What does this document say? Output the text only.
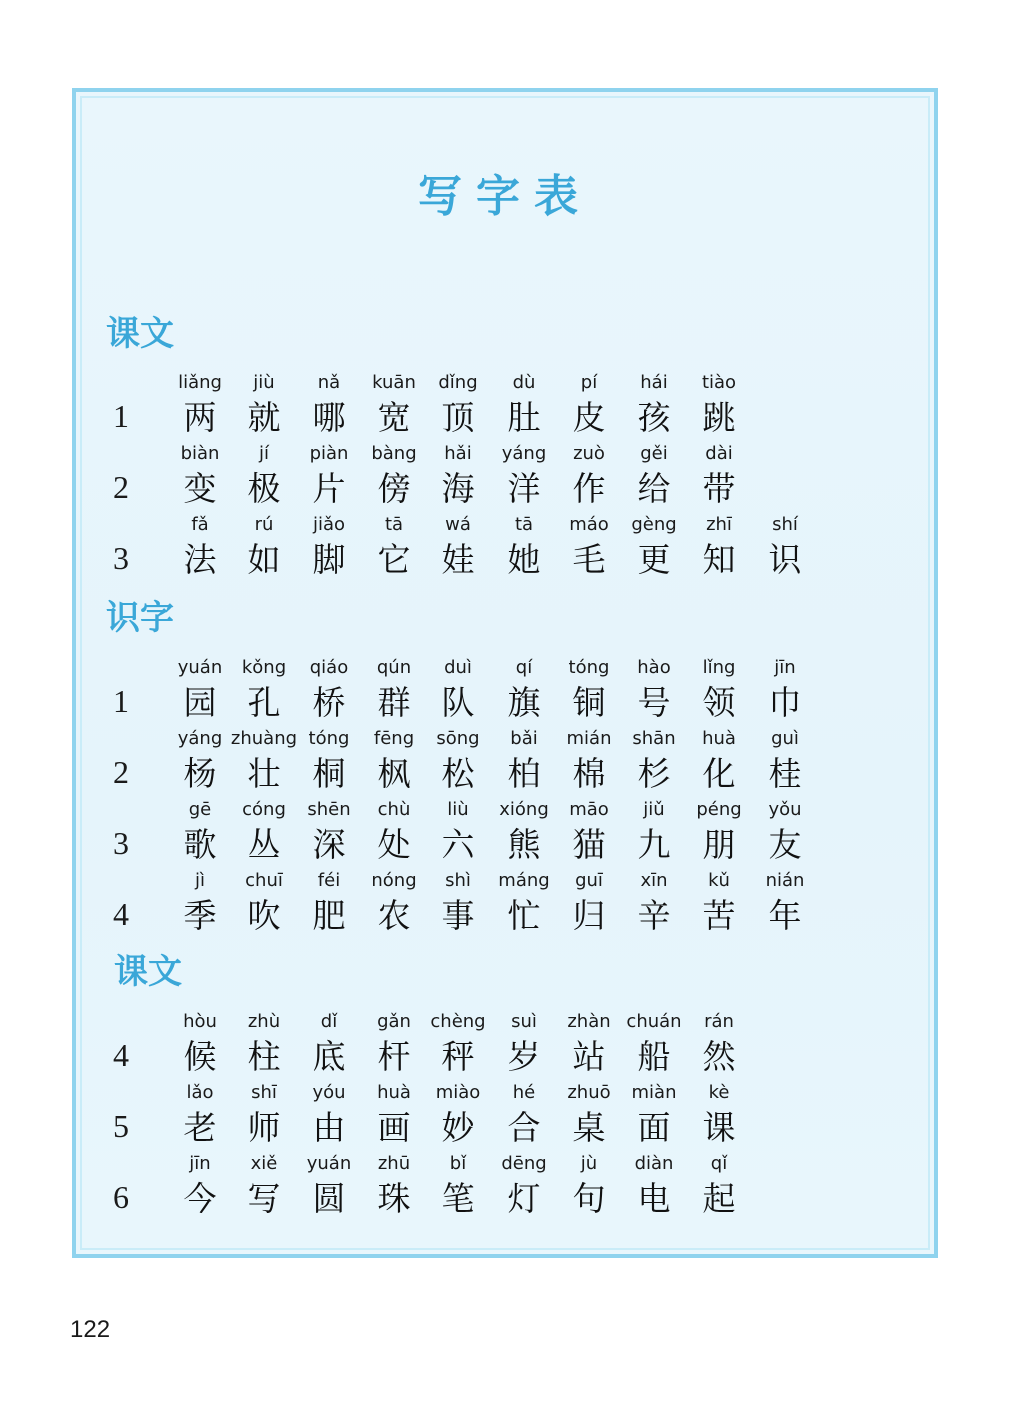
写字表
课文
1
liǎng
两
jiù
就
nǎ
哪
kuān
宽
dǐng
顶
dù
肚
pí
皮
hái
孩
tiào
跳
2
biàn
变
jí
极
piàn
片
bàng
傍
hǎi
海
yáng
洋
zuò
作
gěi
给
dài
带
3
fǎ
法
rú
如
jiǎo
脚
tā
它
wá
娃
tā
她
máo
毛
gèng
更
zhī
知
shí
识
识字
1
yuán
园
kǒng
孔
qiáo
桥
qún
群
duì
队
qí
旗
tóng
铜
hào
号
lǐng
领
jīn
巾
2
yáng
杨
zhuàng
壮
tóng
桐
fēng
枫
sōng
松
bǎi
柏
mián
棉
shān
杉
huà
化
guì
桂
3
gē
歌
cóng
丛
shēn
深
chù
处
liù
六
xióng
熊
māo
猫
jiǔ
九
péng
朋
yǒu
友
4
jì
季
chuī
吹
féi
肥
nóng
农
shì
事
máng
忙
guī
归
xīn
辛
kǔ
苦
nián
年
课文
4
hòu
候
zhù
柱
dǐ
底
gǎn
杆
chèng
秤
suì
岁
zhàn
站
chuán
船
rán
然
5
lǎo
老
shī
师
yóu
由
huà
画
miào
妙
hé
合
zhuō
桌
miàn
面
kè
课
6
jīn
今
xiě
写
yuán
圆
zhū
珠
bǐ
笔
dēng
灯
jù
句
diàn
电
qǐ
起
122
